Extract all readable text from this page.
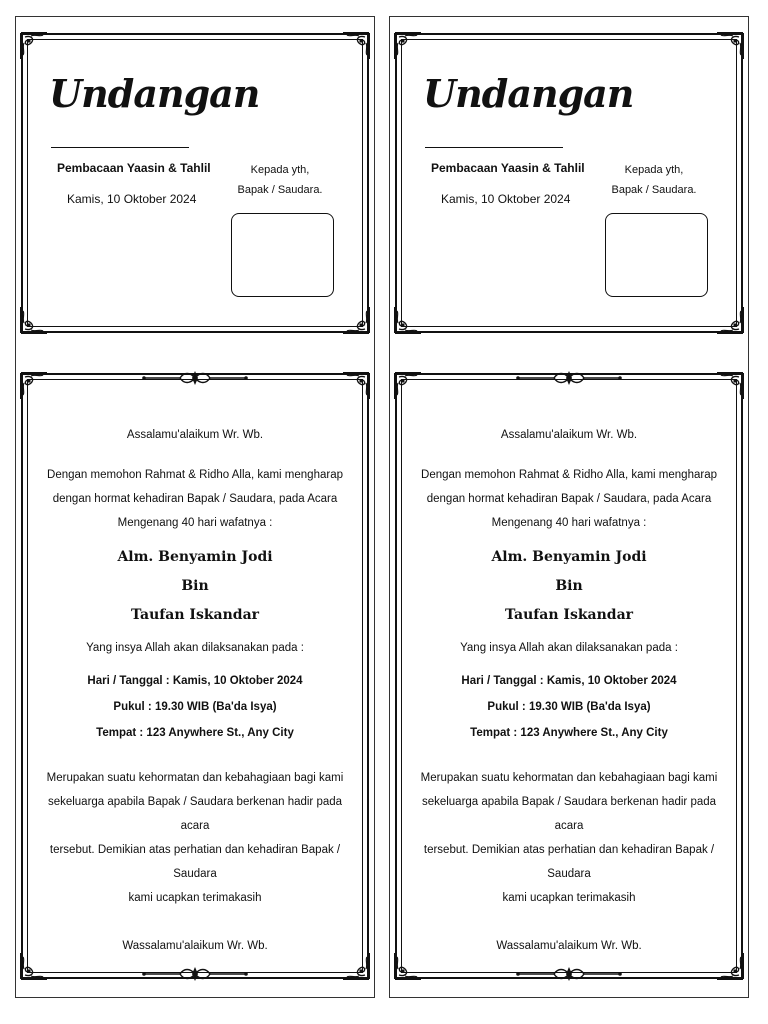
Undangan
Pembacaan Yaasin & Tahlil
Kamis, 10 Oktober 2024
Kepada yth,
Bapak / Saudara.

Assalamu'alaikum Wr. Wb.

Dengan memohon Rahmat & Ridho Alla, kami mengharap

dengan hormat kehadiran Bapak / Saudara, pada Acara

Mengenang 40 hari wafatnya :

Alm. Benyamin Jodi
Bin
Taufan Iskandar

Yang insya Allah akan dilaksanakan pada :

Hari / Tanggal : Kamis, 10 Oktober 2024

Pukul : 19.30 WIB (Ba'da Isya)

Tempat : 123 Anywhere St., Any City

Merupakan suatu kehormatan dan kebahagiaan bagi kami

sekeluarga apabila Bapak / Saudara berkenan hadir pada acara

tersebut. Demikian atas perhatian dan kehadiran Bapak / Saudara

kami ucapkan terimakasih

Wassalamu'alaikum Wr. Wb.

Undangan
Pembacaan Yaasin & Tahlil
Kamis, 10 Oktober 2024
Kepada yth,
Bapak / Saudara.

Assalamu'alaikum Wr. Wb.

Dengan memohon Rahmat & Ridho Alla, kami mengharap

dengan hormat kehadiran Bapak / Saudara, pada Acara

Mengenang 40 hari wafatnya :

Alm. Benyamin Jodi
Bin
Taufan Iskandar

Yang insya Allah akan dilaksanakan pada :

Hari / Tanggal : Kamis, 10 Oktober 2024

Pukul : 19.30 WIB (Ba'da Isya)

Tempat : 123 Anywhere St., Any City

Merupakan suatu kehormatan dan kebahagiaan bagi kami

sekeluarga apabila Bapak / Saudara berkenan hadir pada acara

tersebut. Demikian atas perhatian dan kehadiran Bapak / Saudara

kami ucapkan terimakasih

Wassalamu'alaikum Wr. Wb.
